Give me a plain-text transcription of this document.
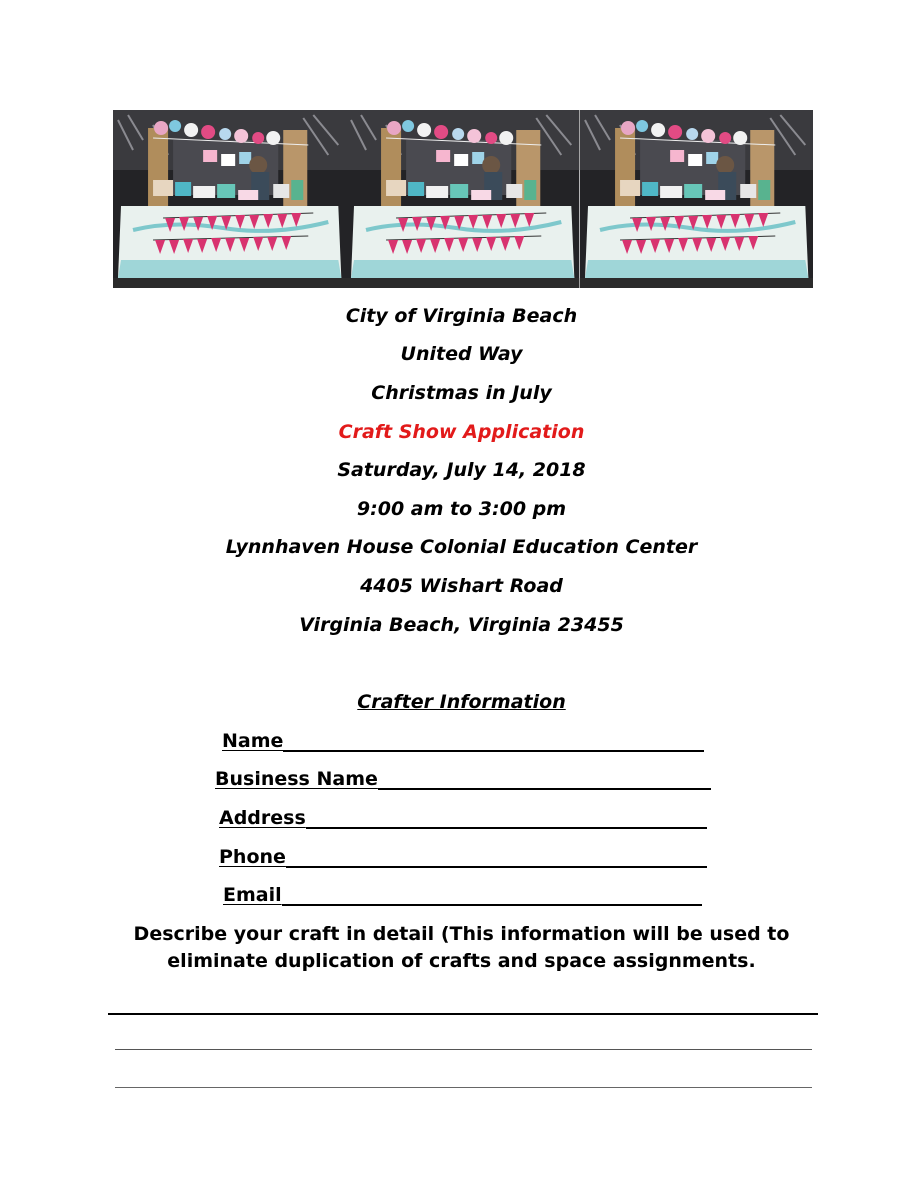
City of Virginia Beach
United Way
Christmas in July
Craft Show Application
Saturday, July 14, 2018
9:00 am to 3:00 pm
Lynnhaven House Colonial Education Center
4405 Wishart Road
Virginia Beach, Virginia 23455
Crafter Information
Name
Business Name
Address
Phone
Email
Describe your craft in detail (This information will be used to
eliminate duplication of crafts and space assignments.
